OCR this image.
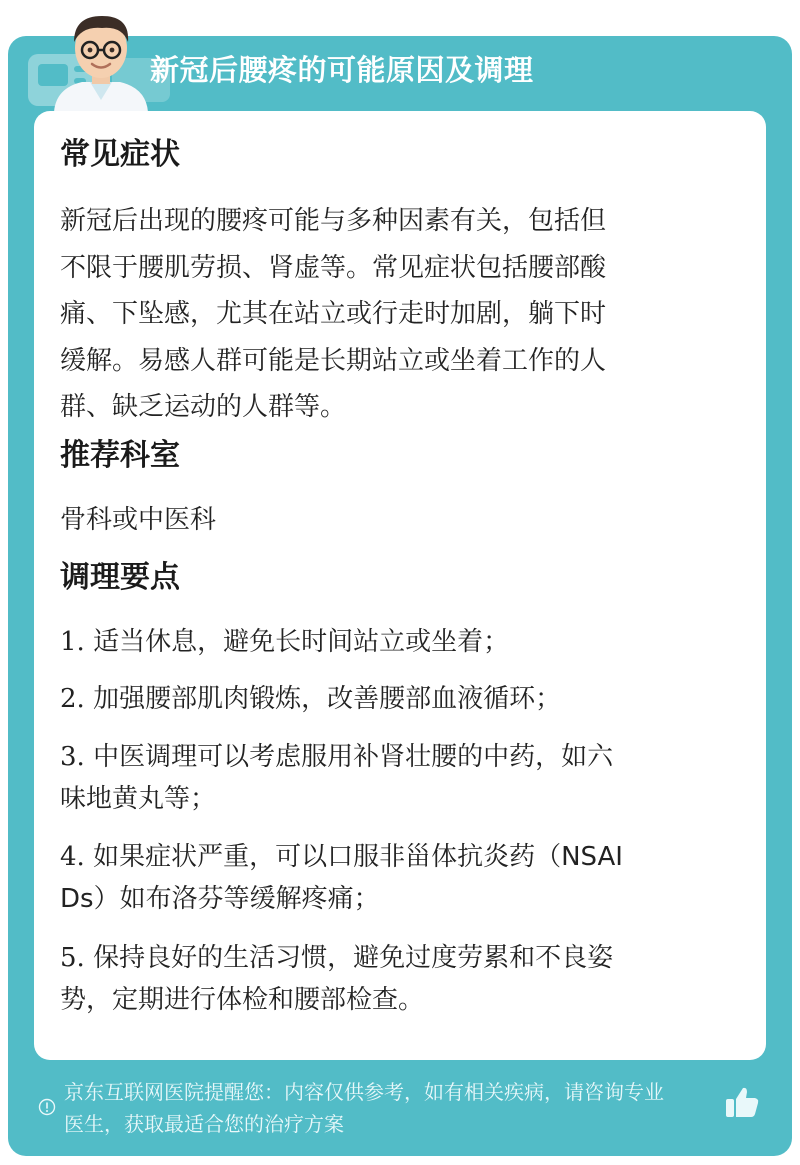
新冠后腰疼的可能原因及调理
常见症状
新冠后出现的腰疼可能与多种因素有关，包括但
不限于腰肌劳损、肾虚等。常见症状包括腰部酸
痛、下坠感，尤其在站立或行走时加剧，躺下时
缓解。易感人群可能是长期站立或坐着工作的人
群、缺乏运动的人群等。
推荐科室
骨科或中医科
调理要点
1. 适当休息，避免长时间站立或坐着；
2. 加强腰部肌肉锻炼，改善腰部血液循环；
3. 中医调理可以考虑服用补肾壮腰的中药，如六
味地黄丸等；
4. 如果症状严重，可以口服非甾体抗炎药（NSAI
Ds）如布洛芬等缓解疼痛；
5. 保持良好的生活习惯，避免过度劳累和不良姿
势，定期进行体检和腰部检查。
京东互联网医院提醒您：内容仅供参考，如有相关疾病，请咨询专业
医生，获取最适合您的治疗方案
